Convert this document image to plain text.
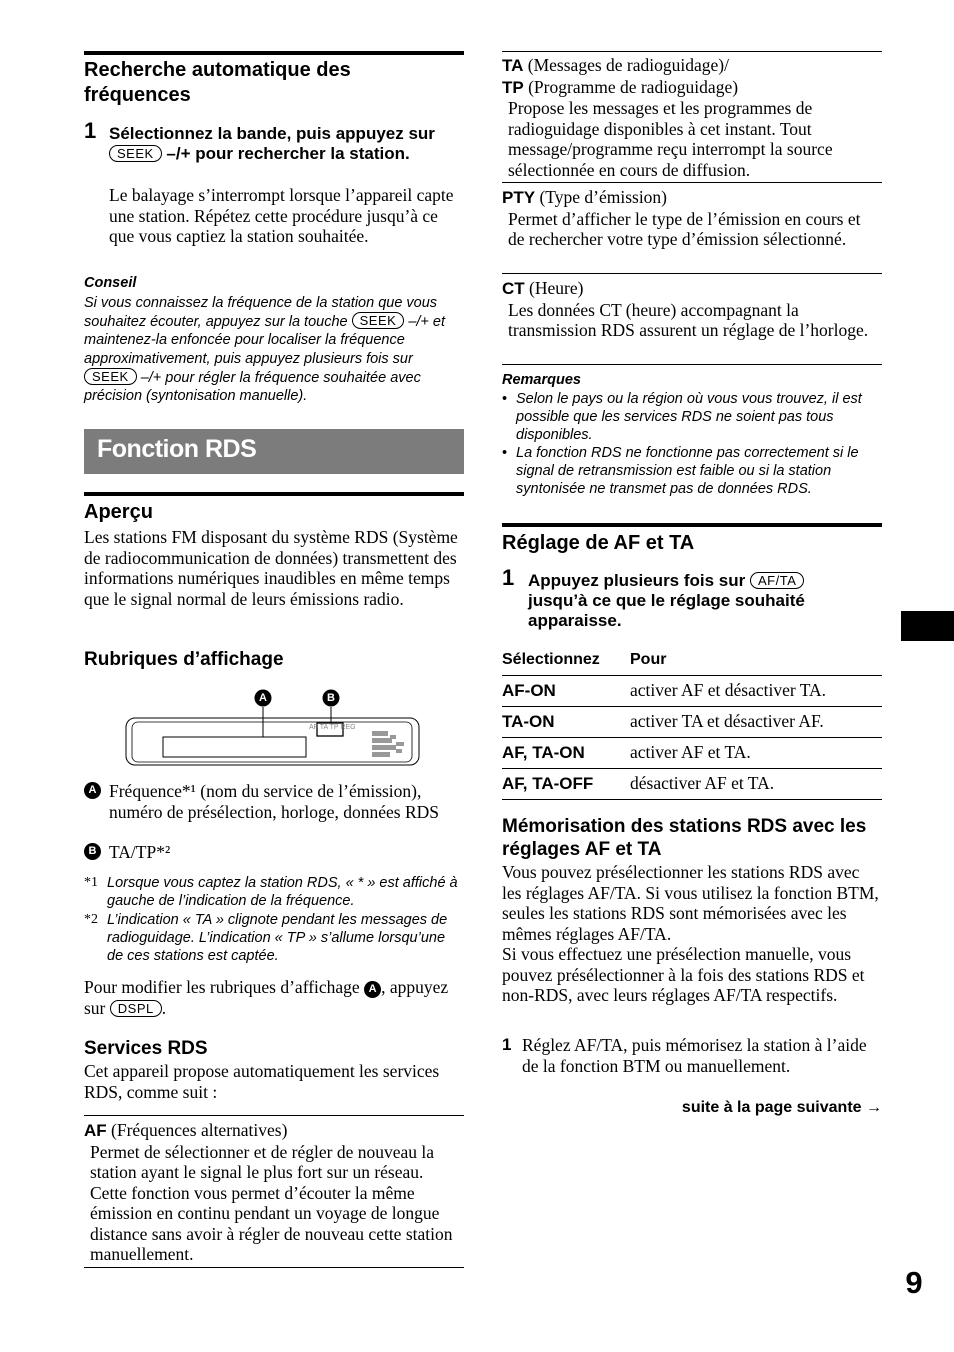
Recherche automatique des fréquences
1 Sélectionnez la bande, puis appuyez sur SEEK –/+ pour rechercher la station.
Le balayage s’interrompt lorsque l’appareil capte une station. Répétez cette procédure jusqu’à ce que vous captiez la station souhaitée.
Conseil
Si vous connaissez la fréquence de la station que vous souhaitez écouter, appuyez sur la touche SEEK –/+ et maintenez-la enfoncée pour localiser la fréquence approximativement, puis appuyez plusieurs fois sur SEEK –/+ pour régler la fréquence souhaitée avec précision (syntonisation manuelle).
Fonction RDS
Aperçu
Les stations FM disposant du système RDS (Système de radiocommunication de données) transmettent des informations numériques inaudibles en même temps que le signal normal de leurs émissions radio.
Rubriques d’affichage
A	B
AF TA TP REG
A Fréquence*¹ (nom du service de l’émission), numéro de présélection, horloge, données RDS
B TA/TP*²
*1 Lorsque vous captez la station RDS, « * » est affiché à gauche de l’indication de la fréquence.
*2 L’indication « TA » clignote pendant les messages de radioguidage. L’indication « TP » s’allume lorsqu’une de ces stations est captée.
Pour modifier les rubriques d’affichage A , appuyez sur DSPL .
Services RDS
Cet appareil propose automatiquement les services RDS, comme suit :
AF (Fréquences alternatives)
Permet de sélectionner et de régler de nouveau la station ayant le signal le plus fort sur un réseau. Cette fonction vous permet d’écouter la même émission en continu pendant un voyage de longue distance sans avoir à régler de nouveau cette station manuellement.
TA (Messages de radioguidage)/
TP (Programme de radioguidage)
Propose les messages et les programmes de radioguidage disponibles à cet instant. Tout message/programme reçu interrompt la source sélectionnée en cours de diffusion.
PTY (Type d’émission)
Permet d’afficher le type de l’émission en cours et de rechercher votre type d’émission sélectionné.
CT (Heure)
Les données CT (heure) accompagnant la transmission RDS assurent un réglage de l’horloge.
Remarques
• Selon le pays ou la région où vous vous trouvez, il est possible que les services RDS ne soient pas tous disponibles.
• La fonction RDS ne fonctionne pas correctement si le signal de retransmission est faible ou si la station syntonisée ne transmet pas de données RDS.
Réglage de AF et TA
1 Appuyez plusieurs fois sur AF/TA jusqu’à ce que le réglage souhaité apparaisse.
Sélectionnez	Pour
AF-ON	activer AF et désactiver TA.
TA-ON	activer TA et désactiver AF.
AF, TA-ON	activer AF et TA.
AF, TA-OFF	désactiver AF et TA.
Mémorisation des stations RDS avec les réglages AF et TA
Vous pouvez présélectionner les stations RDS avec les réglages AF/TA. Si vous utilisez la fonction BTM, seules les stations RDS sont mémorisées avec les mêmes réglages AF/TA.
Si vous effectuez une présélection manuelle, vous pouvez présélectionner à la fois des stations RDS et non-RDS, avec leurs réglages AF/TA respectifs.
1 Réglez AF/TA, puis mémorisez la station à l’aide de la fonction BTM ou manuellement.
suite à la page suivante →
9
